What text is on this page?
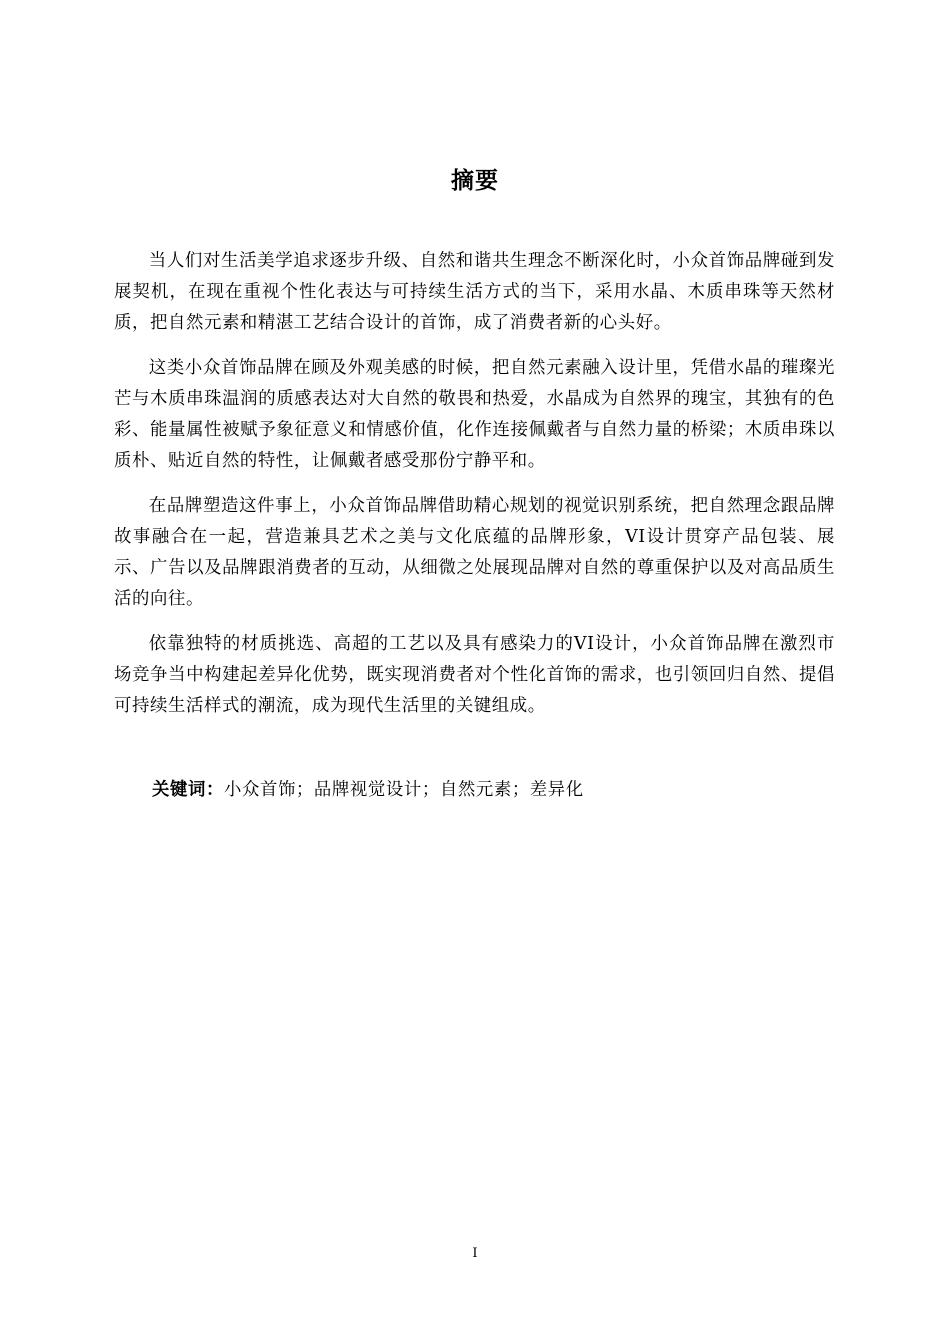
摘要

当人们对生活美学追求逐步升级、自然和谐共生理念不断深化时，小众首饰品牌碰到发展契机，在现在重视个性化表达与可持续生活方式的当下，采用水晶、木质串珠等天然材质，把自然元素和精湛工艺结合设计的首饰，成了消费者新的心头好。

这类小众首饰品牌在顾及外观美感的时候，把自然元素融入设计里，凭借水晶的璀璨光芒与木质串珠温润的质感表达对大自然的敬畏和热爱，水晶成为自然界的瑰宝，其独有的色彩、能量属性被赋予象征意义和情感价值，化作连接佩戴者与自然力量的桥梁；木质串珠以质朴、贴近自然的特性，让佩戴者感受那份宁静平和。

在品牌塑造这件事上，小众首饰品牌借助精心规划的视觉识别系统，把自然理念跟品牌故事融合在一起，营造兼具艺术之美与文化底蕴的品牌形象，VI设计贯穿产品包装、展示、广告以及品牌跟消费者的互动，从细微之处展现品牌对自然的尊重保护以及对高品质生活的向往。

依靠独特的材质挑选、高超的工艺以及具有感染力的VI设计，小众首饰品牌在激烈市场竞争当中构建起差异化优势，既实现消费者对个性化首饰的需求，也引领回归自然、提倡可持续生活样式的潮流，成为现代生活里的关键组成。

关键词：小众首饰；品牌视觉设计；自然元素；差异化
I
